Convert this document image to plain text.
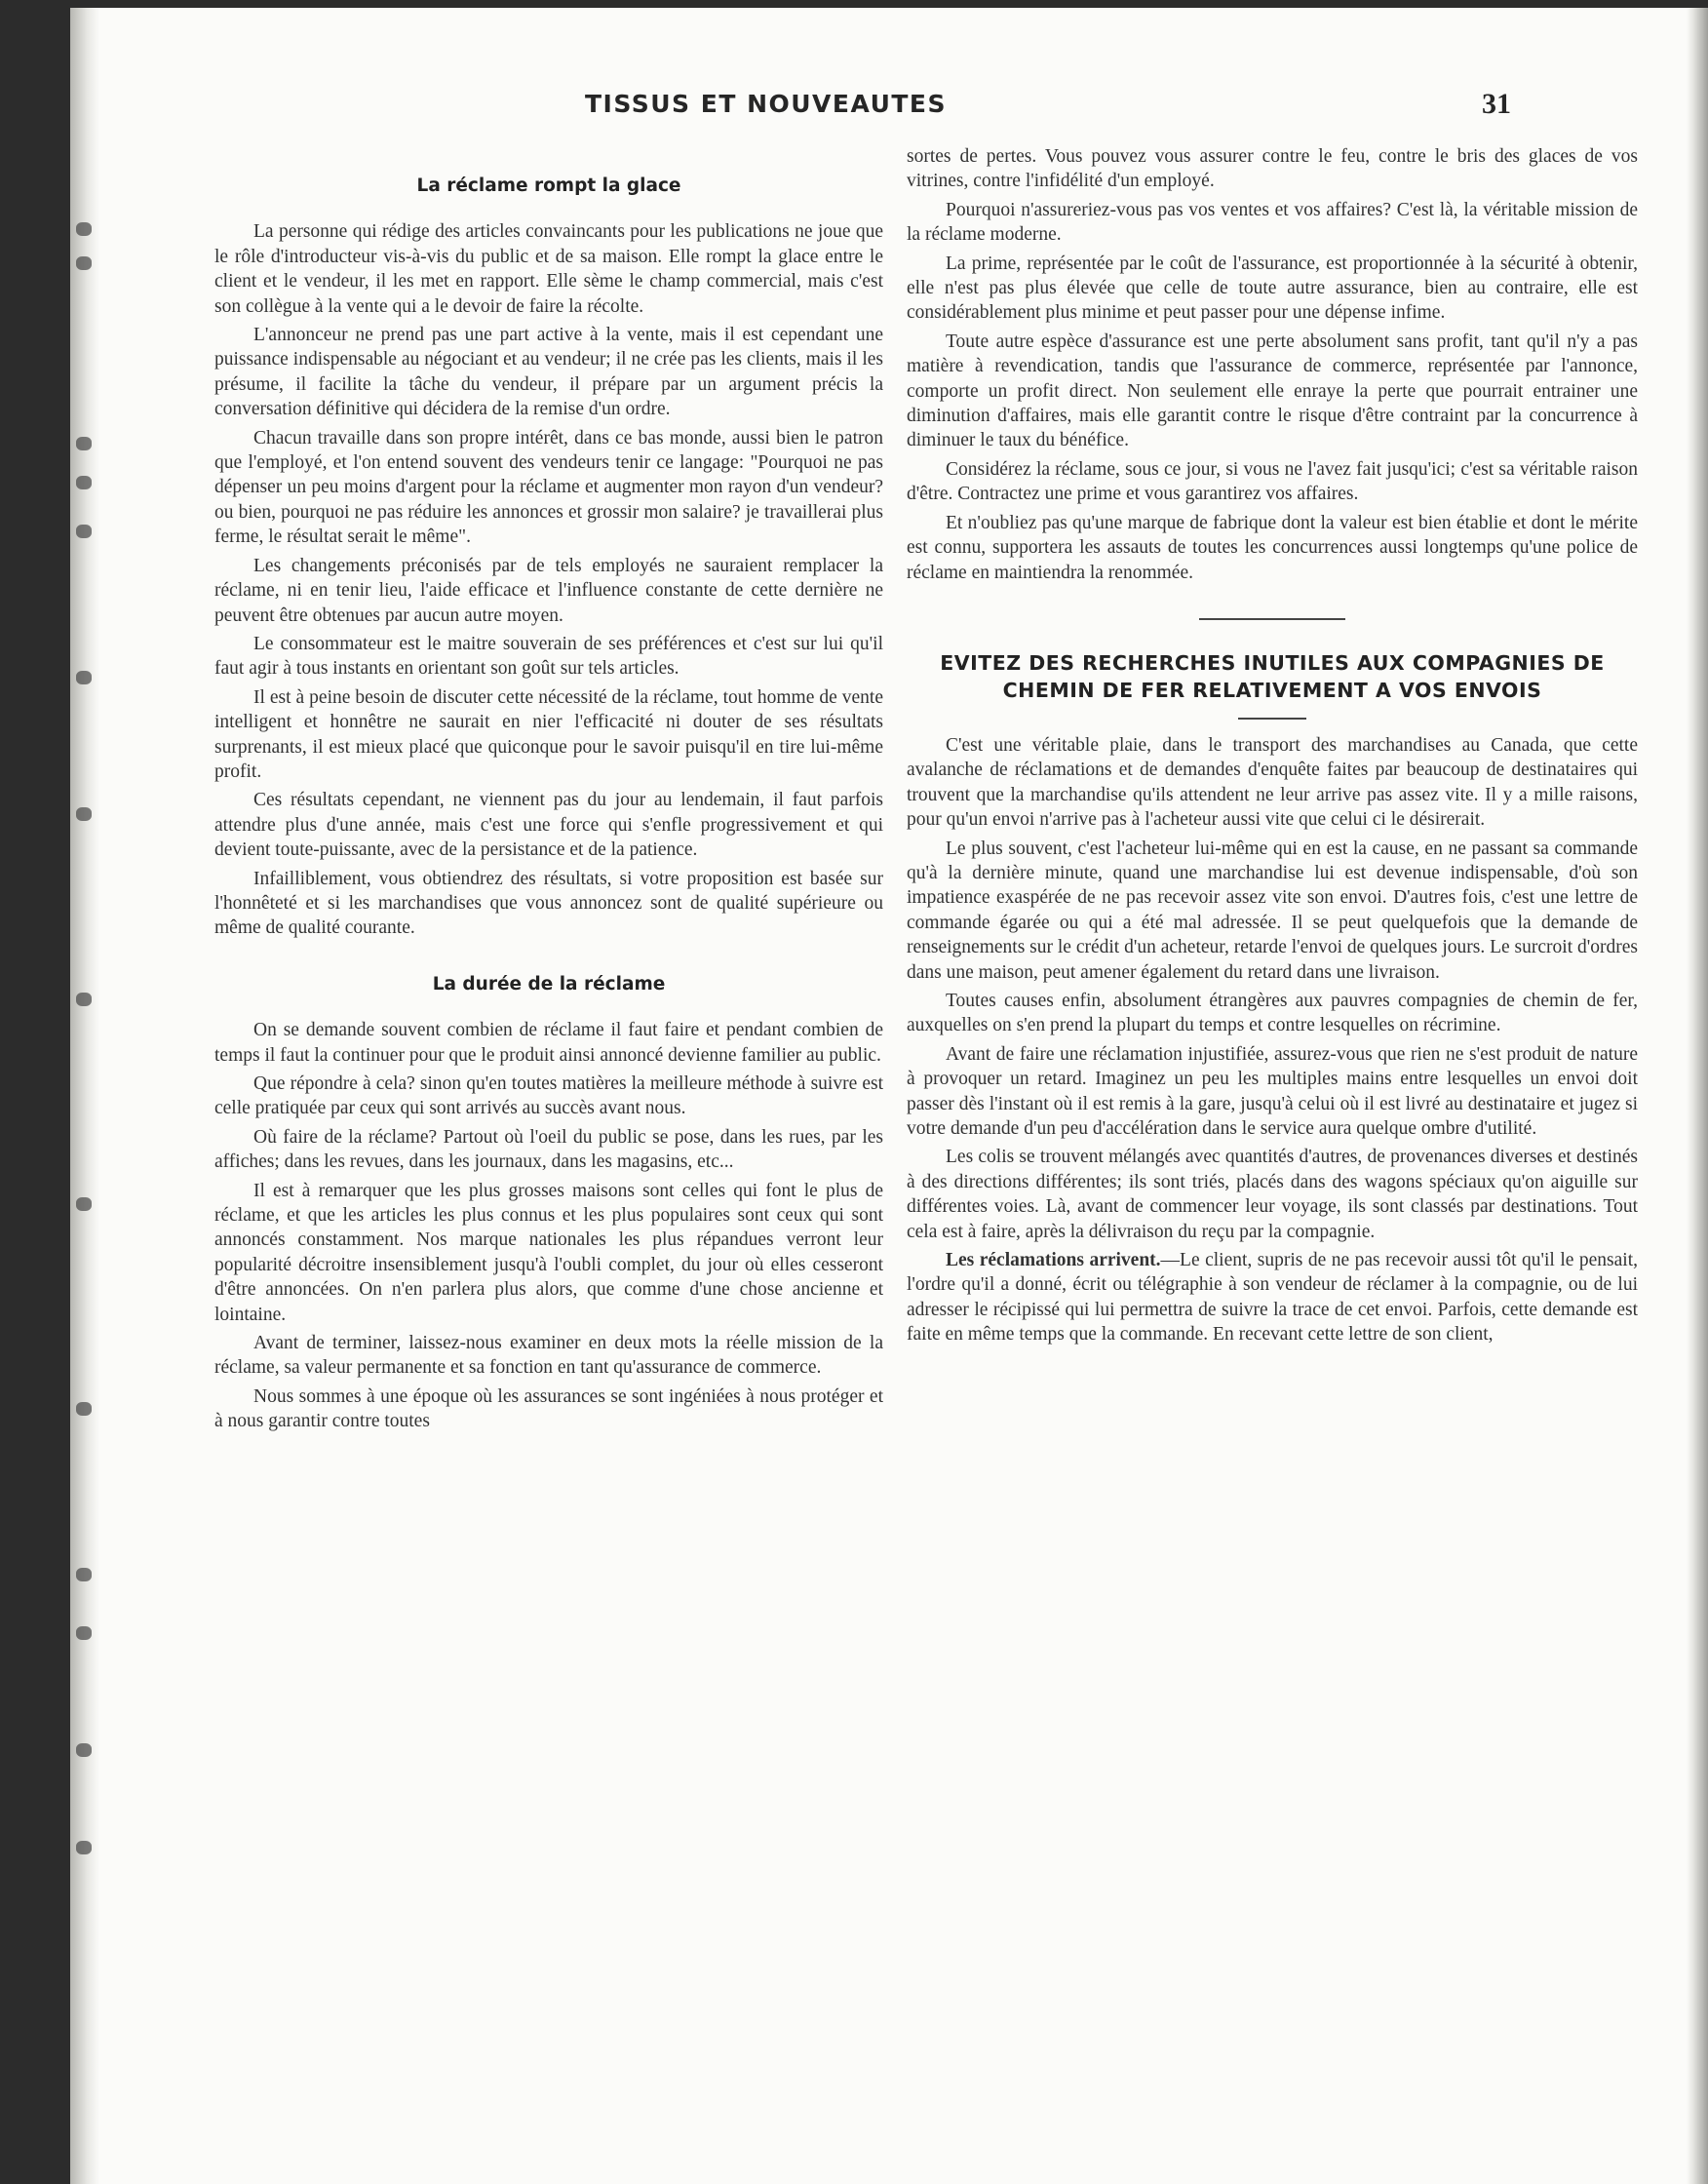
TISSUS ET NOUVEAUTES	31
La réclame rompt la glace

La personne qui rédige des articles convaincants pour les publications ne joue que le rôle d'introducteur vis-à-vis du public et de sa maison. Elle rompt la glace entre le client et le vendeur, il les met en rapport. Elle sème le champ commercial, mais c'est son collègue à la vente qui a le devoir de faire la récolte.

L'annonceur ne prend pas une part active à la vente, mais il est cependant une puissance indispensable au négociant et au vendeur; il ne crée pas les clients, mais il les présume, il facilite la tâche du vendeur, il prépare par un argument précis la conversation définitive qui décidera de la remise d'un ordre.

Chacun travaille dans son propre intérêt, dans ce bas monde, aussi bien le patron que l'employé, et l'on entend souvent des vendeurs tenir ce langage: "Pourquoi ne pas dépenser un peu moins d'argent pour la réclame et augmenter mon rayon d'un vendeur? ou bien, pourquoi ne pas réduire les annonces et grossir mon salaire? je travaillerai plus ferme, le résultat serait le même".

Les changements préconisés par de tels employés ne sauraient remplacer la réclame, ni en tenir lieu, l'aide efficace et l'influence constante de cette dernière ne peuvent être obtenues par aucun autre moyen.

Le consommateur est le maitre souverain de ses préférences et c'est sur lui qu'il faut agir à tous instants en orientant son goût sur tels articles.

Il est à peine besoin de discuter cette nécessité de la réclame, tout homme de vente intelligent et honnêtre ne saurait en nier l'efficacité ni douter de ses résultats surprenants, il est mieux placé que quiconque pour le savoir puisqu'il en tire lui-même profit.

Ces résultats cependant, ne viennent pas du jour au lendemain, il faut parfois attendre plus d'une année, mais c'est une force qui s'enfle progressivement et qui devient toute-puissante, avec de la persistance et de la patience.

Infailliblement, vous obtiendrez des résultats, si votre proposition est basée sur l'honnêteté et si les marchandises que vous annoncez sont de qualité supérieure ou même de qualité courante.

La durée de la réclame

On se demande souvent combien de réclame il faut faire et pendant combien de temps il faut la continuer pour que le produit ainsi annoncé devienne familier au public.

Que répondre à cela? sinon qu'en toutes matières la meilleure méthode à suivre est celle pratiquée par ceux qui sont arrivés au succès avant nous.

Où faire de la réclame? Partout où l'oeil du public se pose, dans les rues, par les affiches; dans les revues, dans les journaux, dans les magasins, etc...

Il est à remarquer que les plus grosses maisons sont celles qui font le plus de réclame, et que les articles les plus connus et les plus populaires sont ceux qui sont annoncés constamment. Nos marque nationales les plus répandues verront leur popularité décroitre insensiblement jusqu'à l'oubli complet, du jour où elles cesseront d'être annoncées. On n'en parlera plus alors, que comme d'une chose ancienne et lointaine.

Avant de terminer, laissez-nous examiner en deux mots la réelle mission de la réclame, sa valeur permanente et sa fonction en tant qu'assurance de commerce.

Nous sommes à une époque où les assurances se sont ingéniées à nous protéger et à nous garantir contre toutes

sortes de pertes. Vous pouvez vous assurer contre le feu, contre le bris des glaces de vos vitrines, contre l'infidélité d'un employé.

Pourquoi n'assureriez-vous pas vos ventes et vos affaires? C'est là, la véritable mission de la réclame moderne.

La prime, représentée par le coût de l'assurance, est proportionnée à la sécurité à obtenir, elle n'est pas plus élevée que celle de toute autre assurance, bien au contraire, elle est considérablement plus minime et peut passer pour une dépense infime.

Toute autre espèce d'assurance est une perte absolument sans profit, tant qu'il n'y a pas matière à revendication, tandis que l'assurance de commerce, représentée par l'annonce, comporte un profit direct. Non seulement elle enraye la perte que pourrait entrainer une diminution d'affaires, mais elle garantit contre le risque d'être contraint par la concurrence à diminuer le taux du bénéfice.

Considérez la réclame, sous ce jour, si vous ne l'avez fait jusqu'ici; c'est sa véritable raison d'être. Contractez une prime et vous garantirez vos affaires.

Et n'oubliez pas qu'une marque de fabrique dont la valeur est bien établie et dont le mérite est connu, supportera les assauts de toutes les concurrences aussi longtemps qu'une police de réclame en maintiendra la renommée.

EVITEZ DES RECHERCHES INUTILES AUX COMPAGNIES DE CHEMIN DE FER RELATIVEMENT A VOS ENVOIS

C'est une véritable plaie, dans le transport des marchandises au Canada, que cette avalanche de réclamations et de demandes d'enquête faites par beaucoup de destinataires qui trouvent que la marchandise qu'ils attendent ne leur arrive pas assez vite. Il y a mille raisons, pour qu'un envoi n'arrive pas à l'acheteur aussi vite que celui ci le désirerait.

Le plus souvent, c'est l'acheteur lui-même qui en est la cause, en ne passant sa commande qu'à la dernière minute, quand une marchandise lui est devenue indispensable, d'où son impatience exaspérée de ne pas recevoir assez vite son envoi. D'autres fois, c'est une lettre de commande égarée ou qui a été mal adressée. Il se peut quelquefois que la demande de renseignements sur le crédit d'un acheteur, retarde l'envoi de quelques jours. Le surcroit d'ordres dans une maison, peut amener également du retard dans une livraison.

Toutes causes enfin, absolument étrangères aux pauvres compagnies de chemin de fer, auxquelles on s'en prend la plupart du temps et contre lesquelles on récrimine.

Avant de faire une réclamation injustifiée, assurez-vous que rien ne s'est produit de nature à provoquer un retard. Imaginez un peu les multiples mains entre lesquelles un envoi doit passer dès l'instant où il est remis à la gare, jusqu'à celui où il est livré au destinataire et jugez si votre demande d'un peu d'accélération dans le service aura quelque ombre d'utilité.

Les colis se trouvent mélangés avec quantités d'autres, de provenances diverses et destinés à des directions différentes; ils sont triés, placés dans des wagons spéciaux qu'on aiguille sur différentes voies. Là, avant de commencer leur voyage, ils sont classés par destinations. Tout cela est à faire, après la délivraison du reçu par la compagnie.

Les réclamations arrivent.—Le client, supris de ne pas recevoir aussi tôt qu'il le pensait, l'ordre qu'il a donné, écrit ou télégraphie à son vendeur de réclamer à la compagnie, ou de lui adresser le récipissé qui lui permettra de suivre la trace de cet envoi. Parfois, cette demande est faite en même temps que la commande. En recevant cette lettre de son client,
